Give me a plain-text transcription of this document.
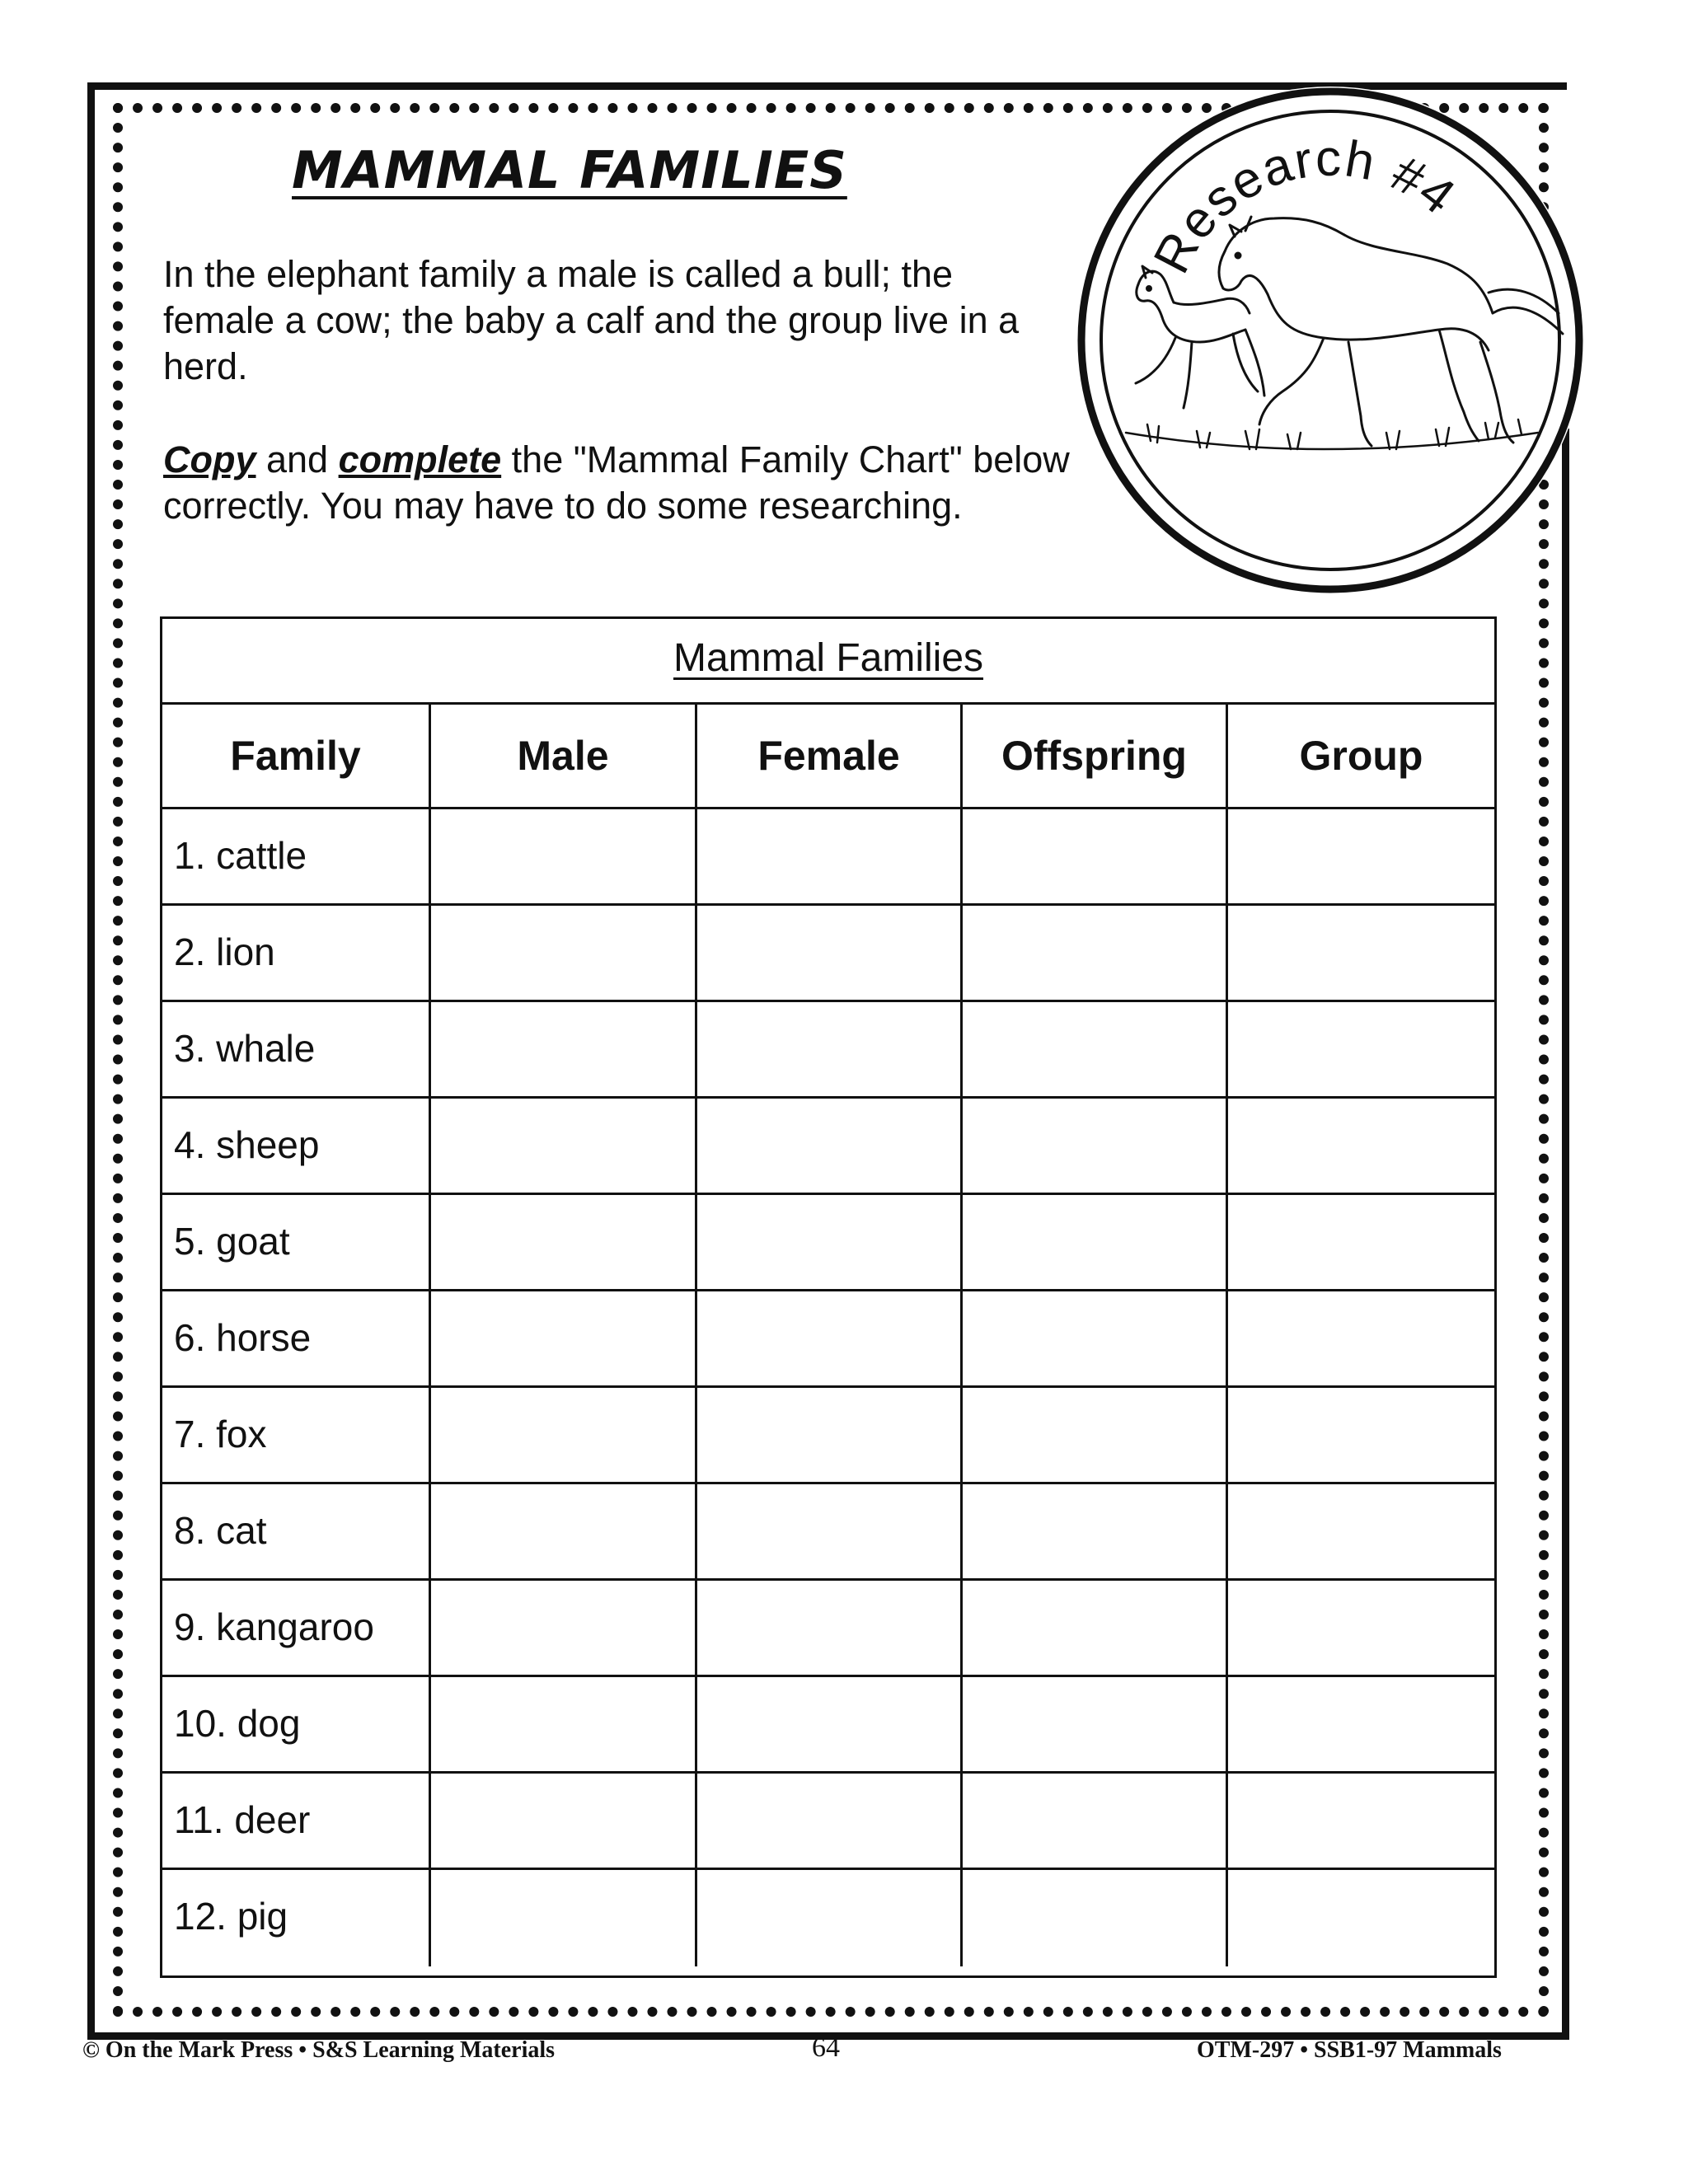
Research #4
MAMMAL FAMILIES

In the elephant family a male is called a bull; the female a cow; the baby a calf and the group live in a herd.

Copy and complete the "Mammal Family Chart" below correctly. You may have to do some researching.

Mammal Families
Family	Male	Female	Offspring	Group
1. cattle
2. lion
3. whale
4. sheep
5. goat
6. horse
7. fox
8. cat
9. kangaroo
10. dog
11. deer
12. pig

© On the Mark Press • S&S Learning Materials	64	OTM-297 • SSB1-97 Mammals
